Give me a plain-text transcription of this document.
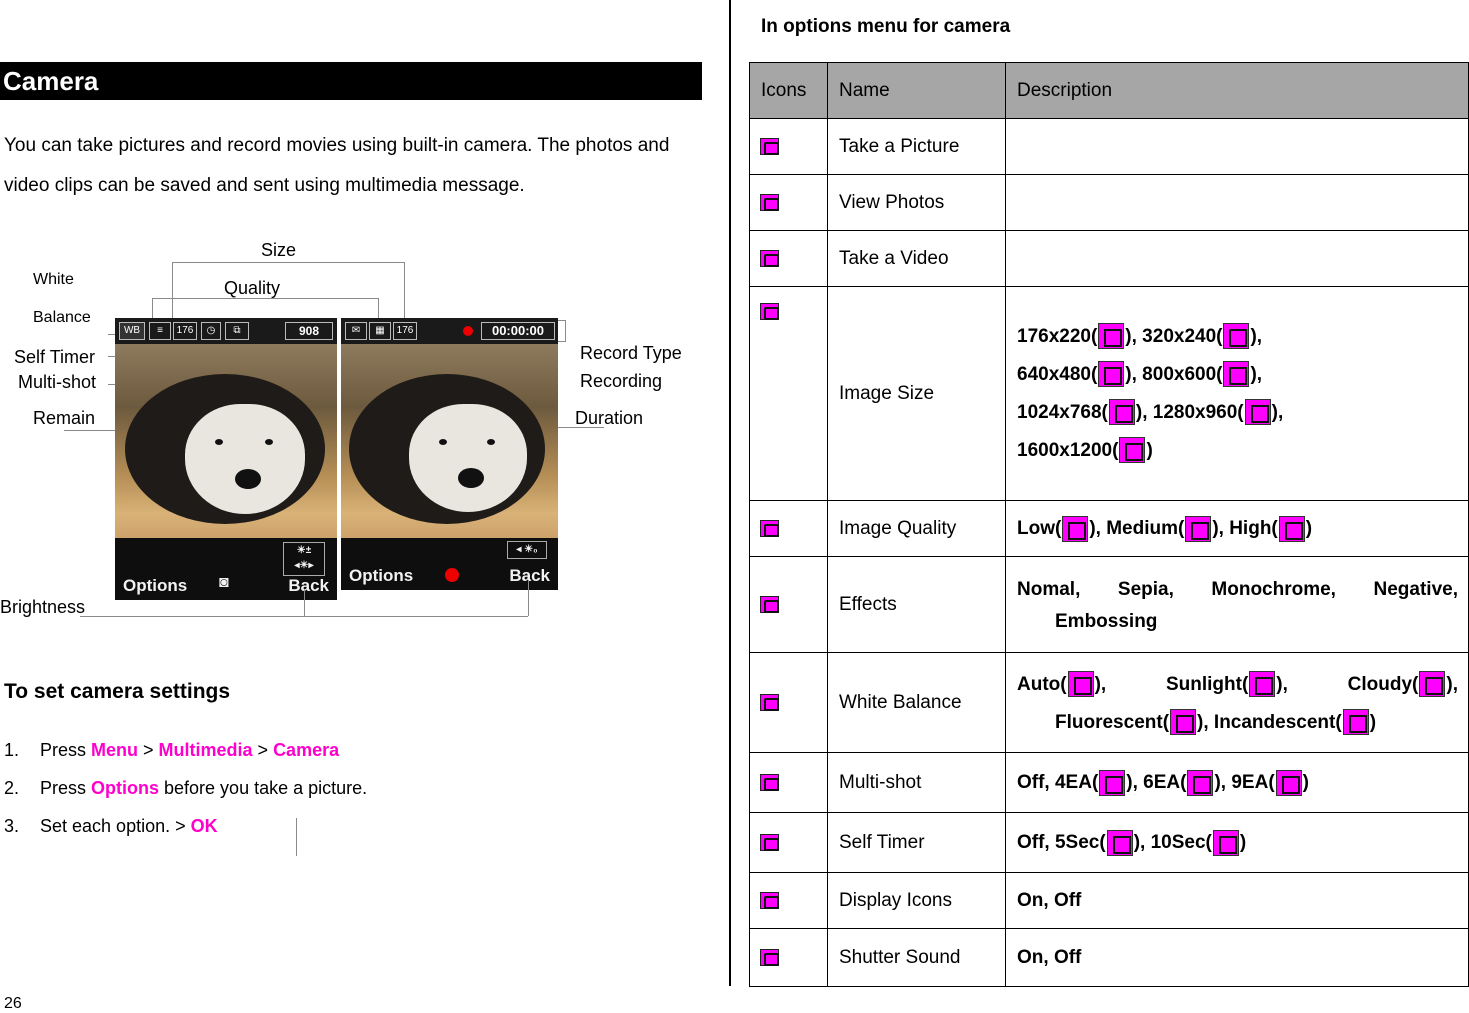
Camera
You can take pictures and record movies using built-in camera. The photos and video clips can be saved and sent using multimedia message.
Size
Quality
White
Balance
Self Timer
Multi-shot
Remain
Brightness
Record Type
Recording
Duration
WB	≡	176	◷	⧉	908
Options ◙	Back
☀±
◂☀▸
✉	▦	176	00:00:00
Options	Back
◂ ☀₀
To set camera settings
1. Press Menu > Multimedia > Camera
2. Press Options before you take a picture.
3. Set each option. > OK
26
In options menu for camera
Icons	Name	Description
	Take a Picture	
	View Photos	
	Take a Video	
	Image Size	176x220( ), 320x240( ),
640x480( ), 800x600( ),
1024x768( ), 1280x960( ),
1600x1200( )

	Image Quality	Low( ), Medium( ), High( )
	Effects	Nomal, Sepia, Monochrome, Negative,
Embossing

	White Balance	Auto( ), Sunlight( ), Cloudy( ),
Fluorescent( ), Incandescent( )

	Multi-shot	Off, 4EA( ), 6EA( ), 9EA( )
	Self Timer	Off, 5Sec( ), 10Sec( )
	Display Icons	On, Off
	Shutter Sound	On, Off
